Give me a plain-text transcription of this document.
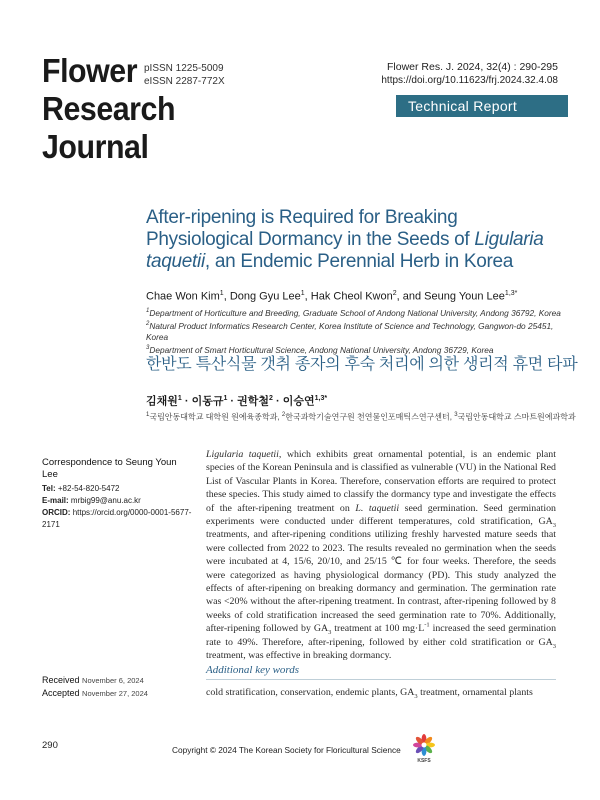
Flower
Research
Journal
pISSN 1225-5009
eISSN 2287-772X
Flower Res. J. 2024, 32(4) : 290-295
https://doi.org/10.11623/frj.2024.32.4.08
Technical Report
After-ripening is Required for Breaking Physiological Dormancy in the Seeds of Ligularia taquetii, an Endemic Perennial Herb in Korea
Chae Won Kim$^1$, Dong Gyu Lee$^1$, Hak Cheol Kwon$^2$, and Seung Youn Lee$^{1,3*}$
$^1$Department of Horticulture and Breeding, Graduate School of Andong National University, Andong 36792, Korea
$^2$Natural Product Informatics Research Center, Korea Institute of Science and Technology, Gangwon-do 25451, Korea
$^3$Department of Smart Horticultural Science, Andong National University, Andong 36729, Korea
한반도 특산식물 갯취 종자의 후숙 처리에 의한 생리적 휴면 타파
김채원$^1$ · 이동규$^1$ · 권학철$^2$ · 이승연$^{1,3*}$
$^1$국립안동대학교 대학원 원예육종학과, $^2$한국과학기술연구원 천연물인포매틱스연구센터, $^3$국립안동대학교 스마트원예과학과
Correspondence to Seung Youn Lee
Tel: +82-54-820-5472
E-mail: mrbig99@anu.ac.kr
ORCID: https://orcid.org/0000-0001-5677-2171
Ligularia taquetii, which exhibits great ornamental potential, is an endemic plant species of the Korean Peninsula and is classified as vulnerable (VU) in the National Red List of Vascular Plants in Korea. Therefore, conservation efforts are required to protect these species. This study aimed to classify the dormancy type and investigate the effects of the after-ripening treatment on L. taquetii seed germination. Seed germination experiments were conducted under different temperatures, cold stratification, $GA_3$ treatments, and after-ripening conditions utilizing freshly harvested mature seeds that were collected from 2022 to 2023. The results revealed no germination when the seeds were incubated at 4, 15/6, 20/10, and 25/15 ℃ for four weeks. Therefore, the seeds were categorized as having physiological dormancy (PD). This study analyzed the effects of after-ripening on breaking dormancy and germination. The germination rate was <20% without the after-ripening treatment. In contrast, after-ripening followed by 8 weeks of cold stratification increased the seed germination rate to 70%. Additionally, after-ripening followed by $GA_3$ treatment at 100 $mg\cdot L^{-1}$ increased the seed germination rate to 49%. Therefore, after-ripening, followed by either cold stratification or $GA_3$ treatment, was effective in breaking dormancy.
Additional key words
cold stratification, conservation, endemic plants, $GA_3$ treatment, ornamental plants
Received November 6, 2024
Accepted November 27, 2024
290	Copyright © 2024 The Korean Society for Floricultural Science
KSFS
